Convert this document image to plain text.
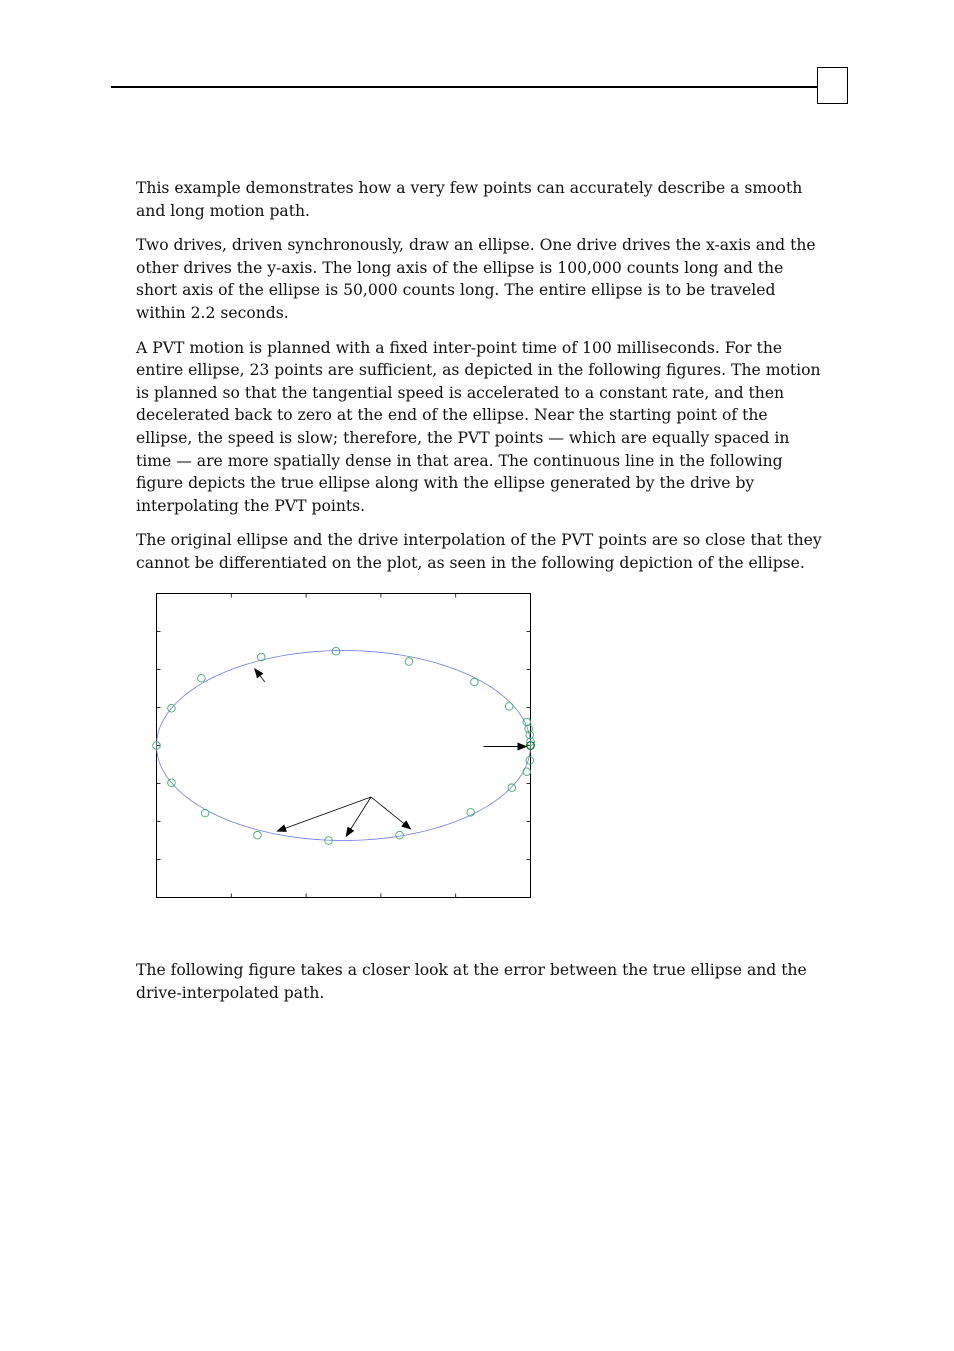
This example demonstrates how a very few points can accurately describe a smooth and long motion path.

Two drives, driven synchronously, draw an ellipse. One drive drives the x-axis and the other drives the y-axis. The long axis of the ellipse is 100,000 counts long and the short axis of the ellipse is 50,000 counts long. The entire ellipse is to be traveled within 2.2 seconds.

A PVT motion is planned with a fixed inter-point time of 100 milliseconds. For the entire ellipse, 23 points are sufficient, as depicted in the following figures. The motion is planned so that the tangential speed is accelerated to a constant rate, and then decelerated back to zero at the end of the ellipse. Near the starting point of the ellipse, the speed is slow; therefore, the PVT points — which are equally spaced in time — are more spatially dense in that area. The continuous line in the following figure depicts the true ellipse along with the ellipse generated by the drive by interpolating the PVT points.

The original ellipse and the drive interpolation of the PVT points are so close that they cannot be differentiated on the plot, as seen in the following depiction of the ellipse.

The following figure takes a closer look at the error between the true ellipse and the drive-interpolated path.
